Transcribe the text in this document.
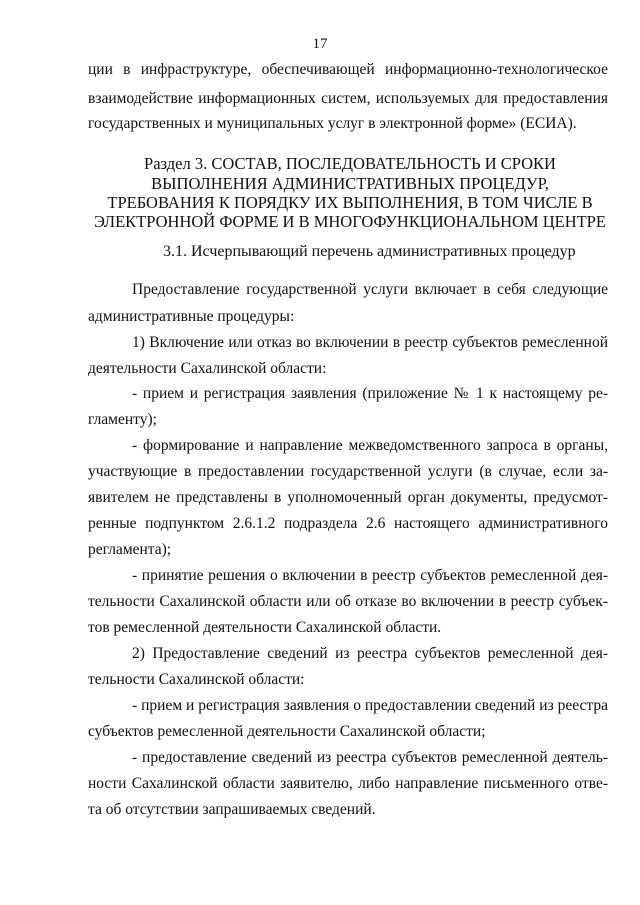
17
ции в инфраструктуре, обеспечивающей информационно-технологическое
взаимодействие информационных систем, используемых для предоставления
государственных и муниципальных услуг в электронной форме» (ЕСИА).
Раздел 3. СОСТАВ, ПОСЛЕДОВАТЕЛЬНОСТЬ И СРОКИ
ВЫПОЛНЕНИЯ АДМИНИСТРАТИВНЫХ ПРОЦЕДУР,
ТРЕБОВАНИЯ К ПОРЯДКУ ИХ ВЫПОЛНЕНИЯ, В ТОМ ЧИСЛЕ В
ЭЛЕКТРОННОЙ ФОРМЕ И В МНОГОФУНКЦИОНАЛЬНОМ ЦЕНТРЕ
3.1. Исчерпывающий перечень административных процедур
Предоставление государственной услуги включает в себя следующие
административные процедуры:
1) Включение или отказ во включении в реестр субъектов ремесленной
деятельности Сахалинской области:
- прием и регистрация заявления (приложение № 1 к настоящему ре-
гламенту);
- формирование и направление межведомственного запроса в органы,
участвующие в предоставлении государственной услуги (в случае, если за-
явителем не представлены в уполномоченный орган документы, предусмот-
ренные подпунктом 2.6.1.2 подраздела 2.6 настоящего административного
регламента);
- принятие решения о включении в реестр субъектов ремесленной дея-
тельности Сахалинской области или об отказе во включении в реестр субъек-
тов ремесленной деятельности Сахалинской области.
2) Предоставление сведений из реестра субъектов ремесленной дея-
тельности Сахалинской области:
- прием и регистрация заявления о предоставлении сведений из реестра
субъектов ремесленной деятельности Сахалинской области;
- предоставление сведений из реестра субъектов ремесленной деятель-
ности Сахалинской области заявителю, либо направление письменного отве-
та об отсутствии запрашиваемых сведений.
